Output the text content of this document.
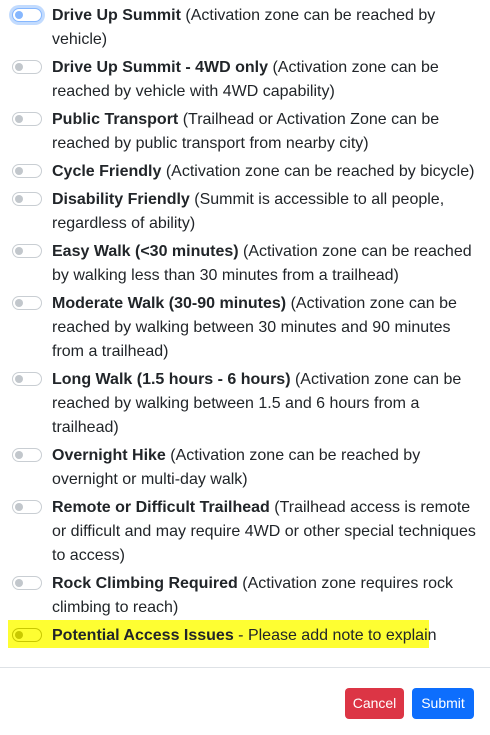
Drive Up Summit (Activation zone can be reached by vehicle)
Drive Up Summit - 4WD only (Activation zone can be reached by vehicle with 4WD capability)
Public Transport (Trailhead or Activation Zone can be reached by public transport from nearby city)
Cycle Friendly (Activation zone can be reached by bicycle)
Disability Friendly (Summit is accessible to all people, regardless of ability)
Easy Walk (<30 minutes) (Activation zone can be reached by walking less than 30 minutes from a trailhead)
Moderate Walk (30-90 minutes) (Activation zone can be reached by walking between 30 minutes and 90 minutes from a trailhead)
Long Walk (1.5 hours - 6 hours) (Activation zone can be reached by walking between 1.5 and 6 hours from a trailhead)
Overnight Hike (Activation zone can be reached by overnight or multi-day walk)
Remote or Difficult Trailhead (Trailhead access is remote or difficult and may require 4WD or other special techniques to access)
Rock Climbing Required (Activation zone requires rock climbing to reach)
Potential Access Issues - Please add note to explain
Cancel	Submit
